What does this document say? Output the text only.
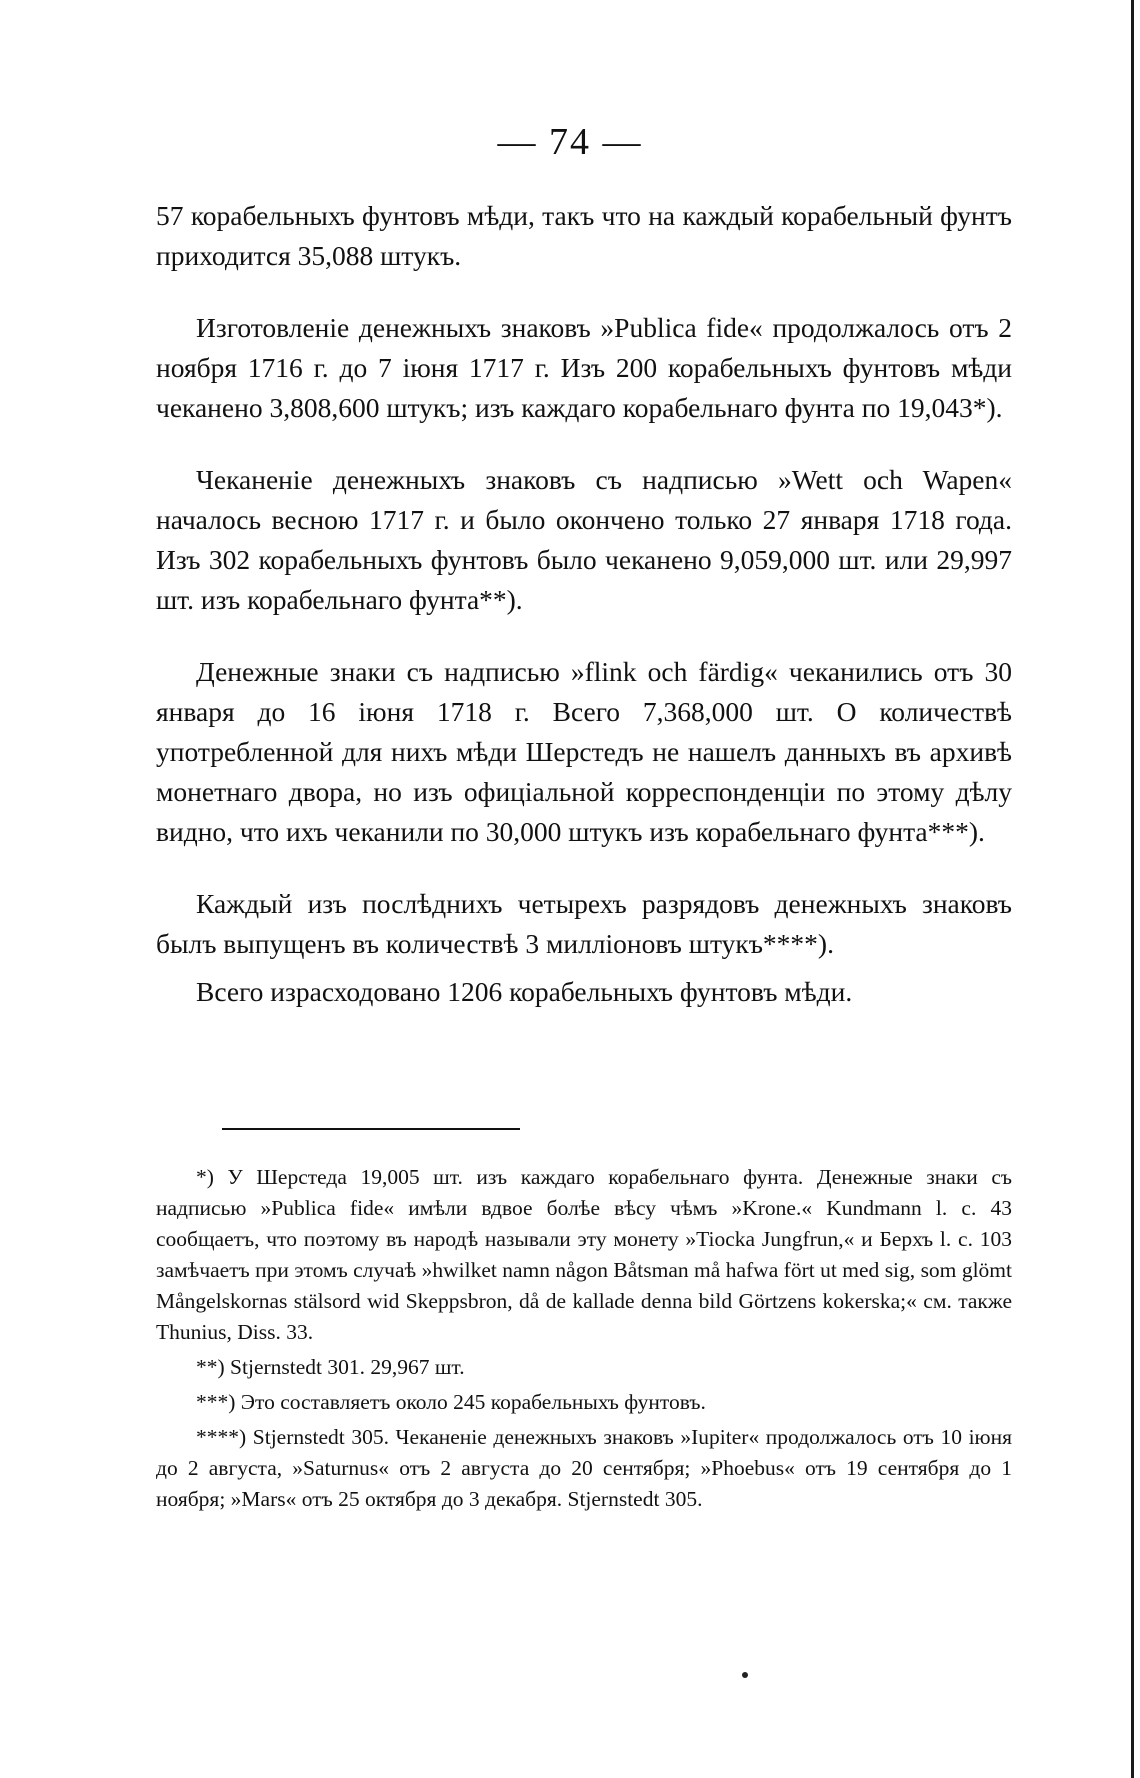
— 74 —

57 корабельныхъ фунтовъ мѣди, такъ что на каждый корабельный фунтъ приходится 35,088 штукъ.

Изготовленіе денежныхъ знаковъ »Publica fide« продолжалось отъ 2 ноября 1716 г. до 7 іюня 1717 г. Изъ 200 корабельныхъ фунтовъ мѣди чеканено 3,808,600 штукъ; изъ каждаго корабельнаго фунта по 19,043*).

Чеканеніе денежныхъ знаковъ съ надписью »Wett och Wapen« началось весною 1717 г. и было окончено только 27 января 1718 года. Изъ 302 корабельныхъ фунтовъ было чеканено 9,059,000 шт. или 29,997 шт. изъ корабельнаго фунта**).

Денежные знаки съ надписью »flink och färdig« чеканились отъ 30 января до 16 іюня 1718 г. Всего 7,368,000 шт. О количествѣ употребленной для нихъ мѣди Шерстедъ не нашелъ данныхъ въ архивѣ монетнаго двора, но изъ офиціальной корреспонденціи по этому дѣлу видно, что ихъ чеканили по 30,000 штукъ изъ корабельнаго фунта***).

Каждый изъ послѣднихъ четырехъ разрядовъ денежныхъ знаковъ былъ выпущенъ въ количествѣ 3 милліоновъ штукъ****).

Всего израсходовано 1206 корабельныхъ фунтовъ мѣди.

*) У Шерстеда 19,005 шт. изъ каждаго корабельнаго фунта. Денежные знаки съ надписью »Publica fide« имѣли вдвое болѣе вѣсу чѣмъ »Krone.« Kundmann l. c. 43 сообщаетъ, что поэтому въ народѣ называли эту монету »Tiocka Jungfrun,« и Берхъ l. c. 103 замѣчаетъ при этомъ случаѣ »hwilket namn någon Båtsman må hafwa fört ut med sig, som glömt Mångelskornas stälsord wid Skeppsbron, då de kallade denna bild Görtzens kokerska;« см. также Thunius, Diss. 33.

**) Stjernstedt 301. 29,967 шт.

***) Это составляетъ около 245 корабельныхъ фунтовъ.

****) Stjernstedt 305. Чеканеніе денежныхъ знаковъ »Iupiter« продолжалось отъ 10 іюня до 2 августа, »Saturnus« отъ 2 августа до 20 сентября; »Phoebus« отъ 19 сентября до 1 ноября; »Mars« отъ 25 октября до 3 декабря. Stjernstedt 305.
